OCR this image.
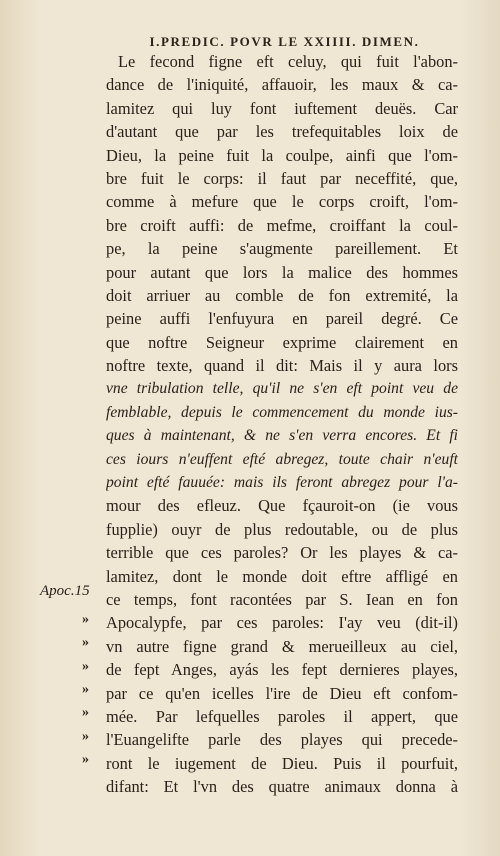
I.PREDIC. POVR LE XXIIII. DIMEN.
Le fecond figne eft celuy, qui fuit l'abon-
dance de l'iniquité, affauoir, les maux & ca-
lamitez qui luy font iuftement deuës. Car
d'autant que par les trefequitables loix de
Dieu, la peine fuit la coulpe, ainfi que l'om-
bre fuit le corps: il faut par neceffité, que,
comme à mefure que le corps croift, l'om-
bre croift auffi: de mefme, croiffant la coul-
pe, la peine s'augmente pareillement. Et
pour autant que lors la malice des hommes
doit arriuer au comble de fon extremité, la
peine auffi l'enfuyura en pareil degré. Ce
que noftre Seigneur exprime clairement en
noftre texte, quand il dit: Mais il y aura lors
vne tribulation telle, qu'il ne s'en eft point veu de
femblable, depuis le commencement du monde ius-
ques à maintenant, & ne s'en verra encores. Et fi
ces iours n'euffent efté abregez, toute chair n'euft
point efté fauuée: mais ils feront abregez pour l'a-
mour des efleuz. Que fçauroit-on (ie vous
fupplie) ouyr de plus redoutable, ou de plus
terrible que ces paroles? Or les playes & ca-
lamitez, dont le monde doit eftre affligé en
ce temps, font racontées par S. Iean en fon
Apocalypfe, par ces paroles: I'ay veu (dit-il)
vn autre figne grand & merueilleux au ciel,
de fept Anges, ayás les fept dernieres playes,
par ce qu'en icelles l'ire de Dieu eft confom-
mée. Par lefquelles paroles il appert, que
l'Euangelifte parle des playes qui precede-
ront le iugement de Dieu. Puis il pourfuit,
difant: Et l'vn des quatre animaux donna à
Apoc.15
»
»
»
»
»
»
»
